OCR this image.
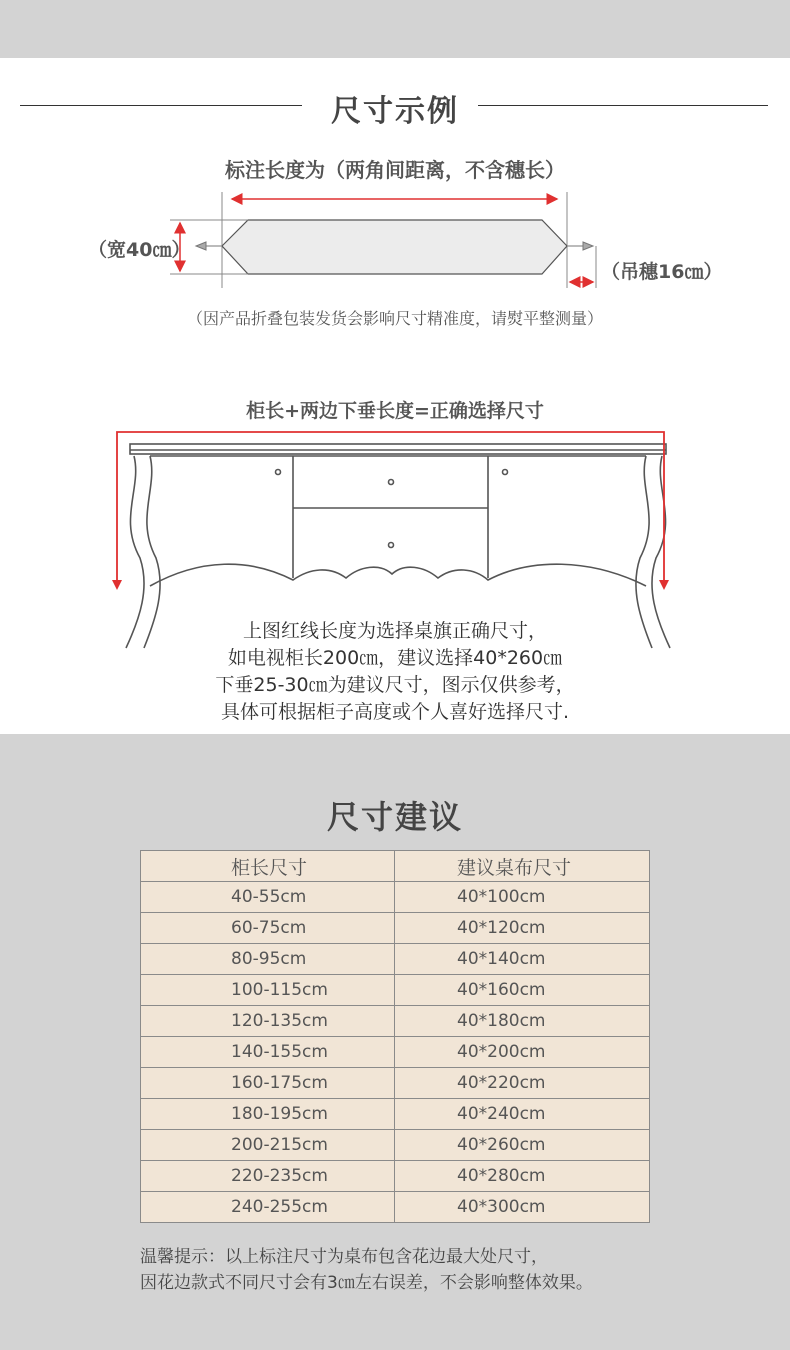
尺寸示例
标注长度为（两角间距离，不含穗长）
（宽40㎝）
（吊穗16㎝）
（因产品折叠包装发货会影响尺寸精准度，请熨平整测量）
柜长+两边下垂长度=正确选择尺寸
上图红线长度为选择桌旗正确尺寸，
如电视柜长200㎝，建议选择40*260㎝
下垂25-30㎝为建议尺寸，图示仅供参考，
具体可根据柜子高度或个人喜好选择尺寸.
尺寸建议
柜长尺寸	建议桌布尺寸
40-55cm	40*100cm
60-75cm	40*120cm
80-95cm	40*140cm
100-115cm	40*160cm
120-135cm	40*180cm
140-155cm	40*200cm
160-175cm	40*220cm
180-195cm	40*240cm
200-215cm	40*260cm
220-235cm	40*280cm
240-255cm	40*300cm
温馨提示：以上标注尺寸为桌布包含花边最大处尺寸，
因花边款式不同尺寸会有3㎝左右误差，不会影响整体效果。
